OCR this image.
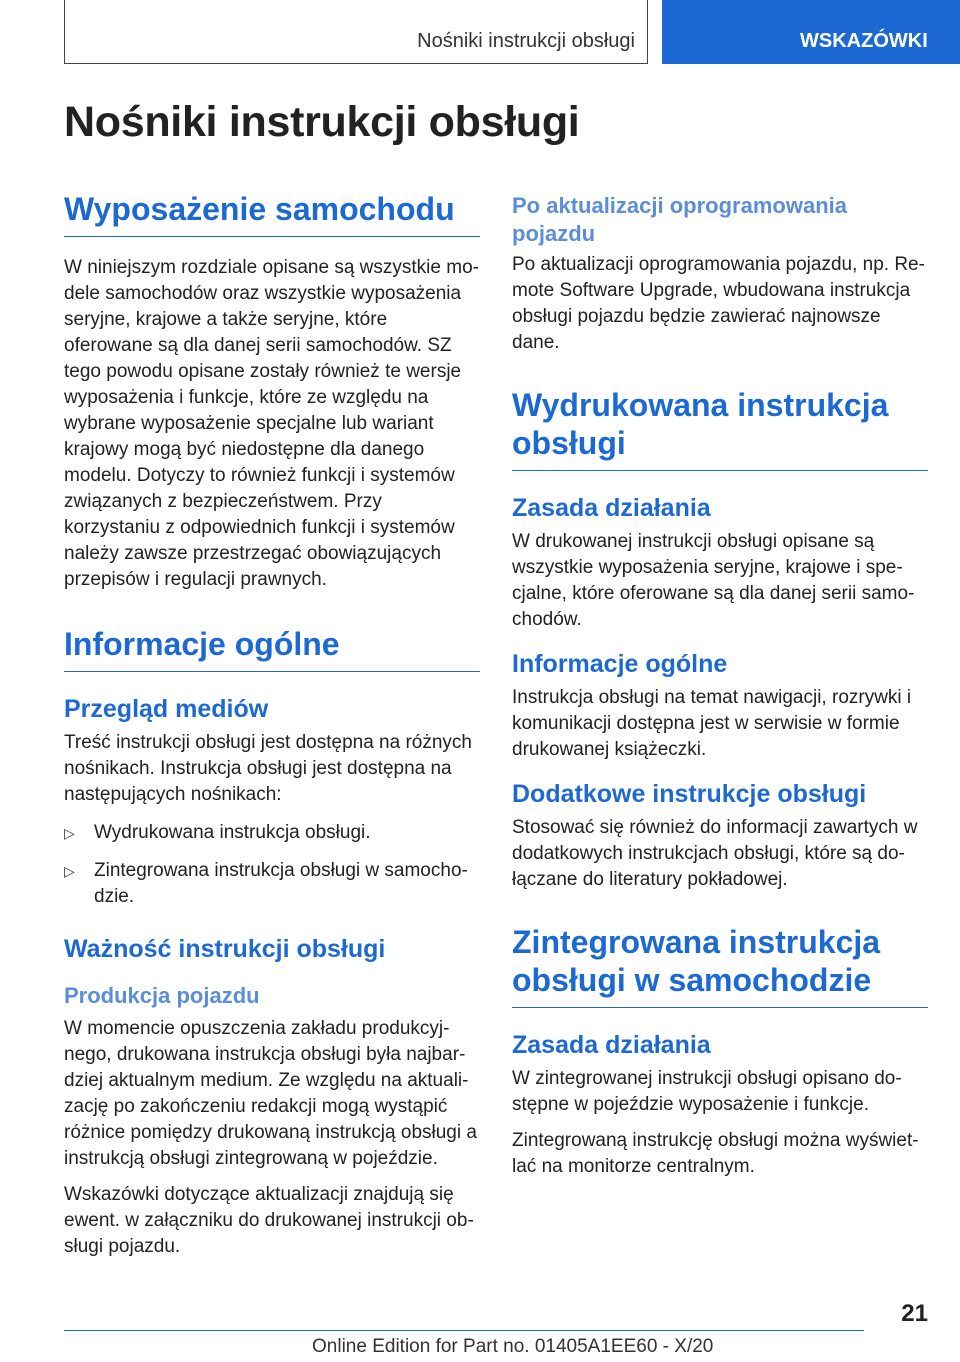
Nośniki instrukcji obsługi	WSKAZÓWKI
Nośniki instrukcji obsługi
Wyposażenie samochodu

W niniejszym rozdziale opisane są wszystkie modele samochodów oraz wszystkie wyposażenia seryjne, krajowe a także seryjne, które oferowane są dla danej serii samochodów. SZ tego powodu opisane zostały również te wersje wyposażenia i funkcje, które ze względu na wybrane wyposażenie specjalne lub wariant krajowy mogą być niedostępne dla danego modelu. Dotyczy to również funkcji i systemów związanych z bezpieczeństwem. Przy korzystaniu z odpowiednich funkcji i systemów należy zawsze przestrzegać obowiązujących przepisów i regulacji prawnych.

Informacje ogólne
Przegląd mediów

Treść instrukcji obsługi jest dostępna na różnych nośnikach. Instrukcja obsługi jest dostępna na następujących nośnikach:

▷ Wydrukowana instrukcja obsługi.
▷ Zintegrowana instrukcja obsługi w samochodzie.
Ważność instrukcji obsługi
Produkcja pojazdu

W momencie opuszczenia zakładu produkcyjnego, drukowana instrukcja obsługi była najbardziej aktualnym medium. Ze względu na aktualizację po zakończeniu redakcji mogą wystąpić różnice pomiędzy drukowaną instrukcją obsługi a instrukcją obsługi zintegrowaną w pojeździe.

Wskazówki dotyczące aktualizacji znajdują się ewent. w załączniku do drukowanej instrukcji obsługi pojazdu.

Po aktualizacji oprogramowania pojazdu

Po aktualizacji oprogramowania pojazdu, np. Remote Software Upgrade, wbudowana instrukcja obsługi pojazdu będzie zawierać najnowsze dane.

Wydrukowana instrukcja obsługi
Zasada działania

W drukowanej instrukcji obsługi opisane są wszystkie wyposażenia seryjne, krajowe i specjalne, które oferowane są dla danej serii samochodów.

Informacje ogólne

Instrukcja obsługi na temat nawigacji, rozrywki i komunikacji dostępna jest w serwisie w formie drukowanej książeczki.

Dodatkowe instrukcje obsługi

Stosować się również do informacji zawartych w dodatkowych instrukcjach obsługi, które są dołączane do literatury pokładowej.

Zintegrowana instrukcja obsługi w samochodzie
Zasada działania

W zintegrowanej instrukcji obsługi opisano dostępne w pojeździe wyposażenie i funkcje.

Zintegrowaną instrukcję obsługi można wyświetlać na monitorze centralnym.

21
Online Edition for Part no. 01405A1EE60 - X/20
